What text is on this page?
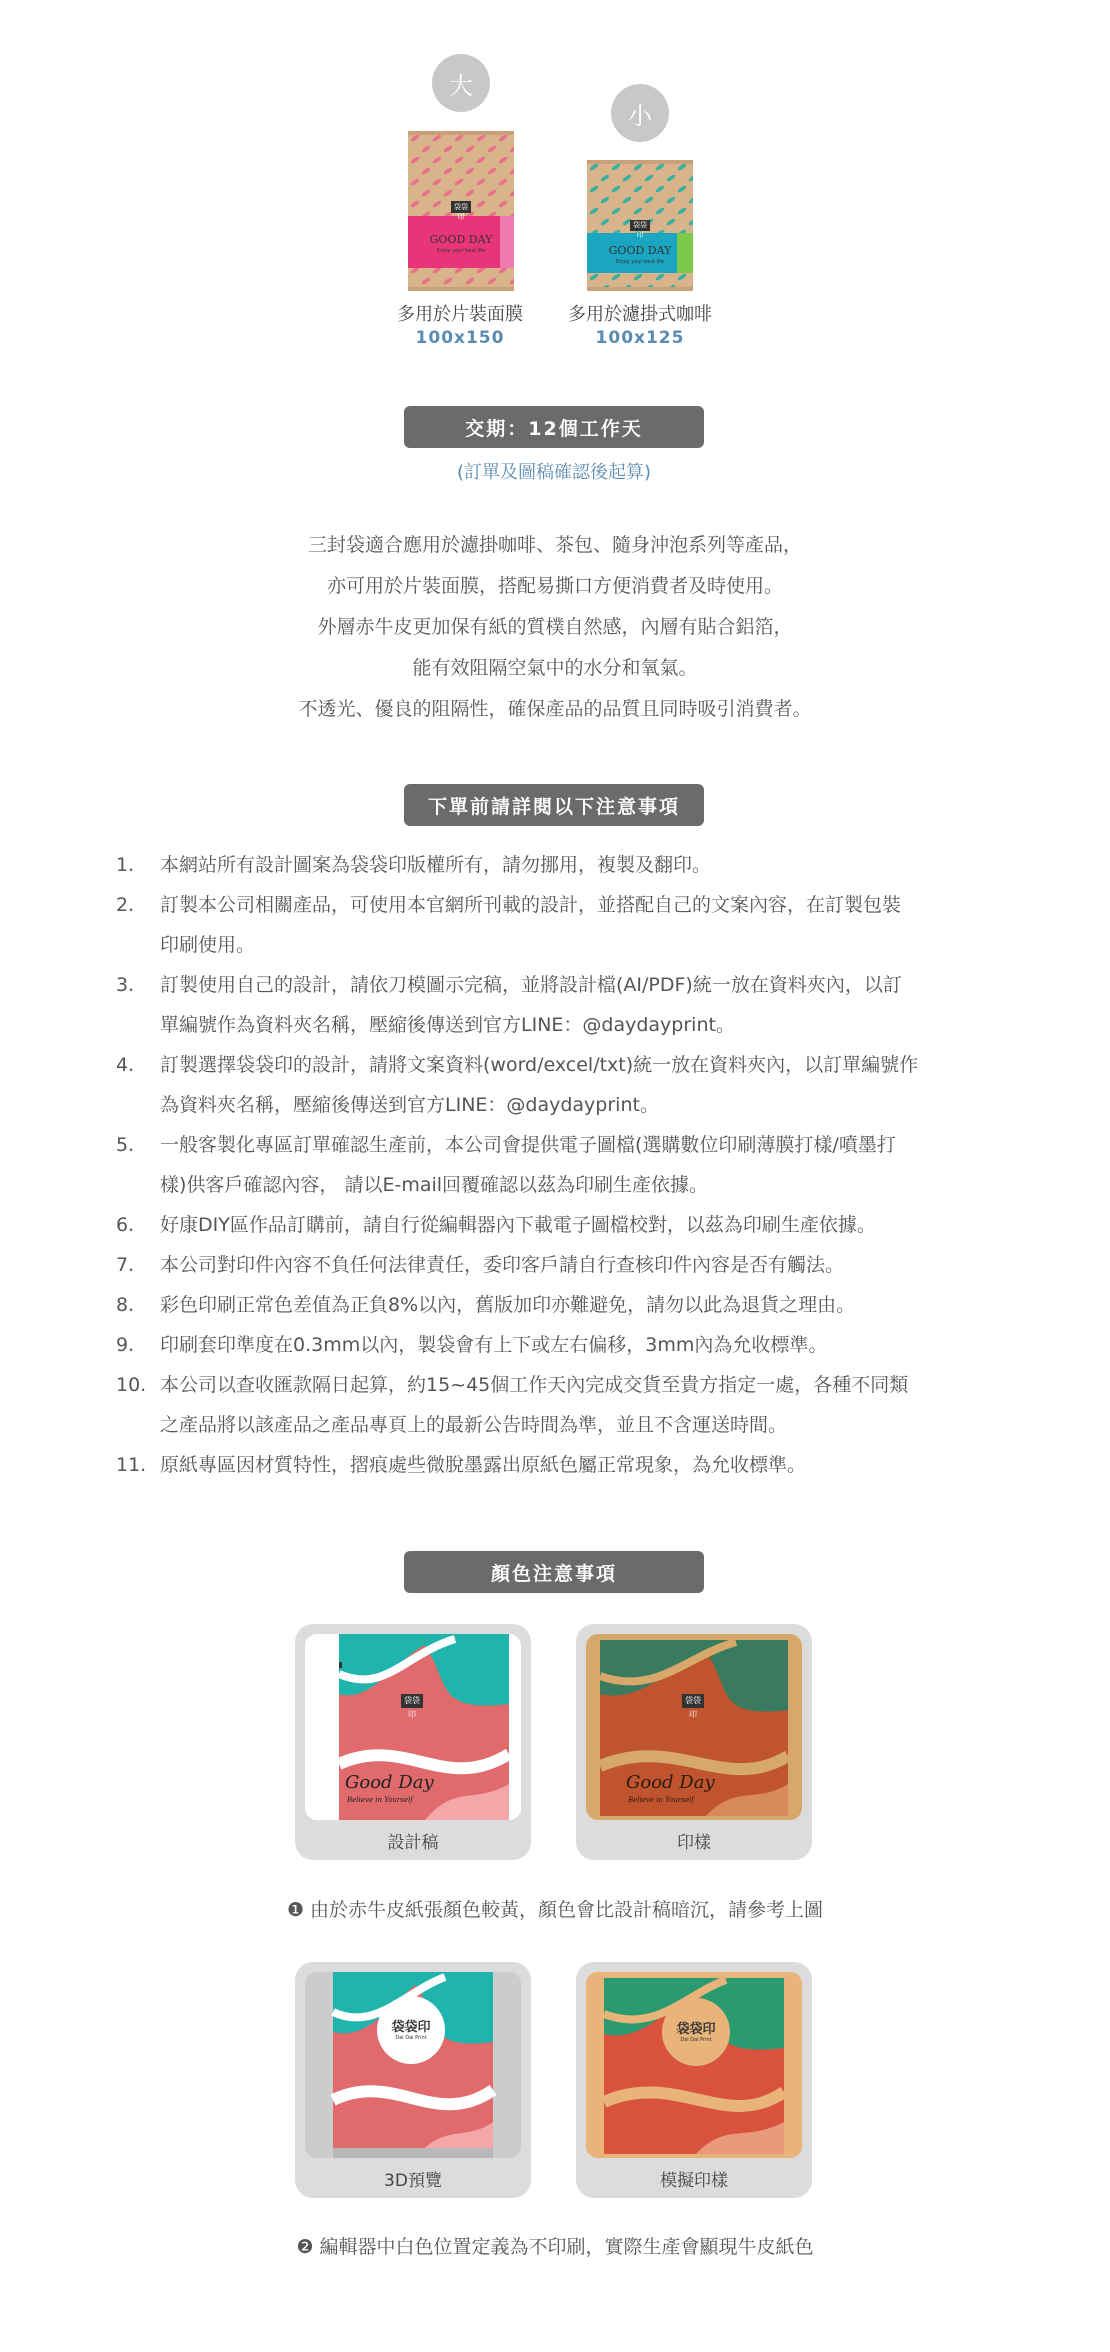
大
小
GOOD DAY
Enjoy your best life
袋袋印
GOOD DAY
Enjoy your best life
袋袋印
多用於片裝面膜	多用於濾掛式咖啡
100x150	100x125
交期：12個工作天
(訂單及圖稿確認後起算)
三封袋適合應用於濾掛咖啡、茶包、隨身沖泡系列等產品，
亦可用於片裝面膜，搭配易撕口方便消費者及時使用。
外層赤牛皮更加保有紙的質樸自然感，內層有貼合鋁箔，
能有效阻隔空氣中的水分和氧氣。
不透光、優良的阻隔性，確保產品的品質且同時吸引消費者。
下單前請詳閱以下注意事項
1.	本網站所有設計圖案為袋袋印版權所有，請勿挪用，複製及翻印。
2.	訂製本公司相關產品，可使用本官網所刊載的設計，並搭配自己的文案內容，在訂製包裝
印刷使用。
3.	訂製使用自己的設計，請依刀模圖示完稿，並將設計檔(AI/PDF)統一放在資料夾內，以訂
單編號作為資料夾名稱，壓縮後傳送到官方LINE：@daydayprint。
4.	訂製選擇袋袋印的設計，請將文案資料(word/excel/txt)統一放在資料夾內，以訂單編號作
為資料夾名稱，壓縮後傳送到官方LINE：@daydayprint。
5.	一般客製化專區訂單確認生產前，本公司會提供電子圖檔(選購數位印刷薄膜打樣/噴墨打
樣)供客戶確認內容， 請以E-mail回覆確認以茲為印刷生產依據。
6.	好康DIY區作品訂購前，請自行從編輯器內下載電子圖檔校對，以茲為印刷生產依據。
7.	本公司對印件內容不負任何法律責任，委印客戶請自行查核印件內容是否有觸法。
8.	彩色印刷正常色差值為正負8%以內，舊版加印亦難避免，請勿以此為退貨之理由。
9.	印刷套印準度在0.3mm以內，製袋會有上下或左右偏移，3mm內為允收標準。
10. 本公司以查收匯款隔日起算，約15~45個工作天內完成交貨至貴方指定一處，各種不同類
之產品將以該產品之產品專頁上的最新公告時間為準，並且不含運送時間。
11. 原紙專區因材質特性，摺痕處些微脫墨露出原紙色屬正常現象，為允收標準。
顏色注意事項
袋袋印
Good Day
Believe in Yourself
設計稿
袋袋印
Good Day
Believe in Yourself
印樣
❶ 由於赤牛皮紙張顏色較黃，顏色會比設計稿暗沉，請參考上圖
袋袋印
Dai Dai Print
3D預覽
袋袋印
Dai Dai Print
模擬印樣
❷ 編輯器中白色位置定義為不印刷，實際生產會顯現牛皮紙色
